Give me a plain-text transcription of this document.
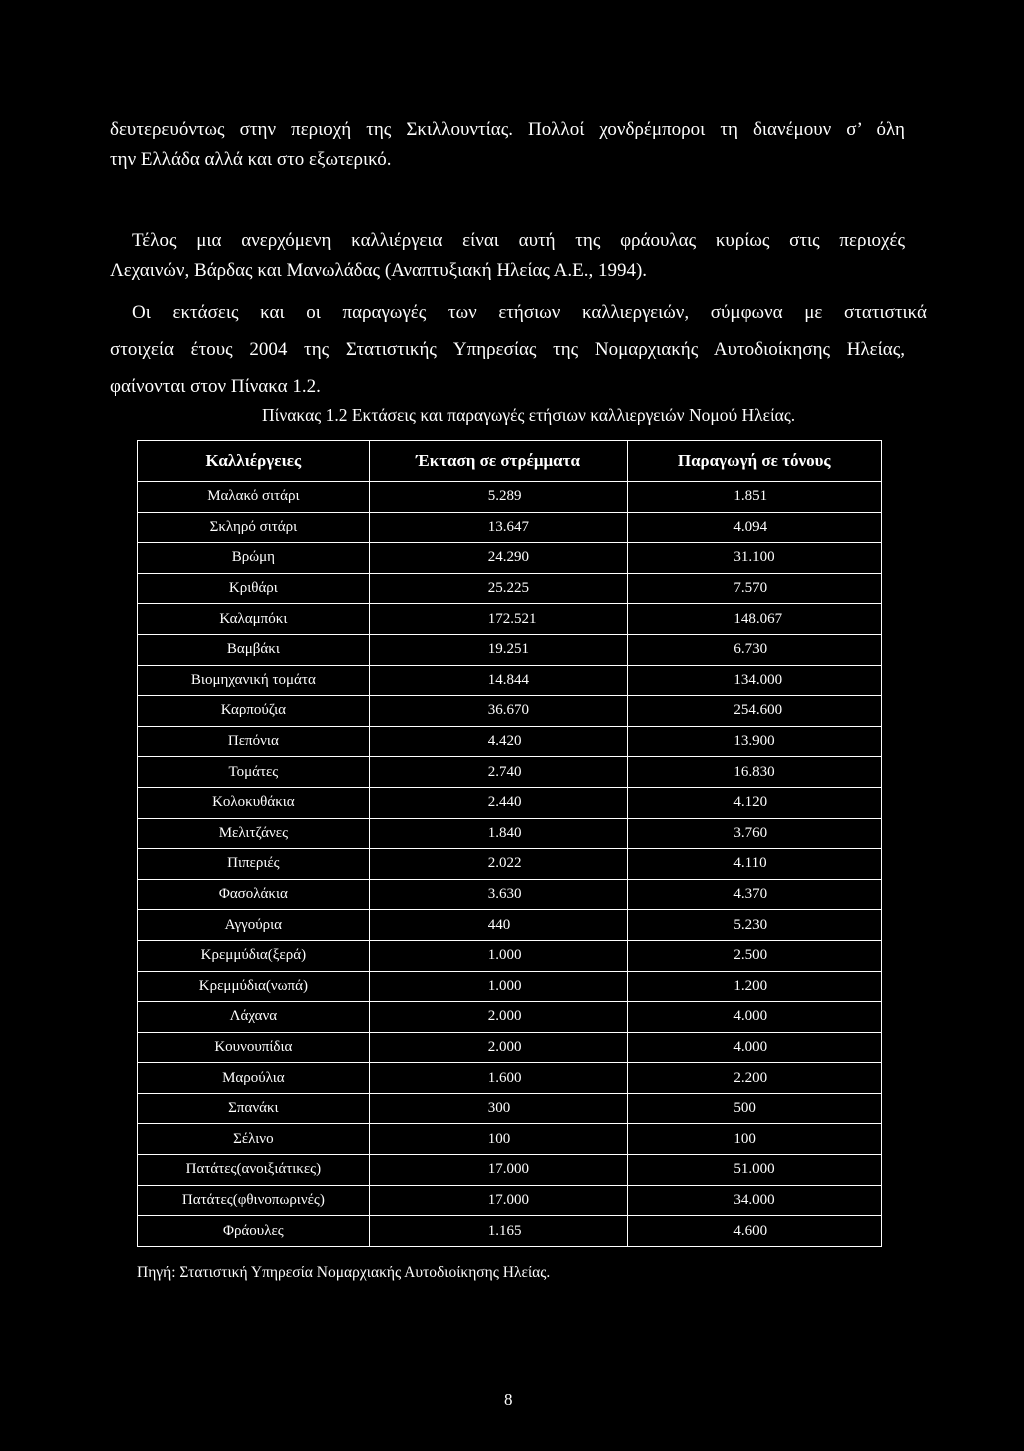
δευτερευόντως στην περιοχή της Σκιλλουντίας. Πολλοί χονδρέμποροι τη διανέμουν σ’ όλη
την Ελλάδα αλλά και στο εξωτερικό.
Τέλος μια ανερχόμενη καλλιέργεια είναι αυτή της φράουλας κυρίως στις περιοχές
Λεχαινών, Βάρδας και Μανωλάδας (Αναπτυξιακή Ηλείας Α.Ε., 1994).
Οι εκτάσεις και οι παραγωγές των ετήσιων καλλιεργειών, σύμφωνα με στατιστικά
στοιχεία έτους 2004 της Στατιστικής Υπηρεσίας της Νομαρχιακής Αυτοδιοίκησης Ηλείας,
φαίνονται στον Πίνακα 1.2.
Πίνακας 1.2 Εκτάσεις και παραγωγές ετήσιων καλλιεργειών Νομού Ηλείας.
Καλλιέργειες	Έκταση σε στρέμματα	Παραγωγή σε τόνους
Μαλακό σιτάρι	5.289	1.851
Σκληρό σιτάρι	13.647	4.094
Βρώμη	24.290	31.100
Κριθάρι	25.225	7.570
Καλαμπόκι	172.521	148.067
Βαμβάκι	19.251	6.730
Βιομηχανική τομάτα	14.844	134.000
Καρπούζια	36.670	254.600
Πεπόνια	4.420	13.900
Τομάτες	2.740	16.830
Κολοκυθάκια	2.440	4.120
Μελιτζάνες	1.840	3.760
Πιπεριές	2.022	4.110
Φασολάκια	3.630	4.370
Αγγούρια	440	5.230
Κρεμμύδια(ξερά)	1.000	2.500
Κρεμμύδια(νωπά)	1.000	1.200
Λάχανα	2.000	4.000
Κουνουπίδια	2.000	4.000
Μαρούλια	1.600	2.200
Σπανάκι	300	500
Σέλινο	100	100
Πατάτες(ανοιξιάτικες)	17.000	51.000
Πατάτες(φθινοπωρινές)	17.000	34.000
Φράουλες	1.165	4.600
Πηγή: Στατιστική Υπηρεσία Νομαρχιακής Αυτοδιοίκησης Ηλείας.
8
